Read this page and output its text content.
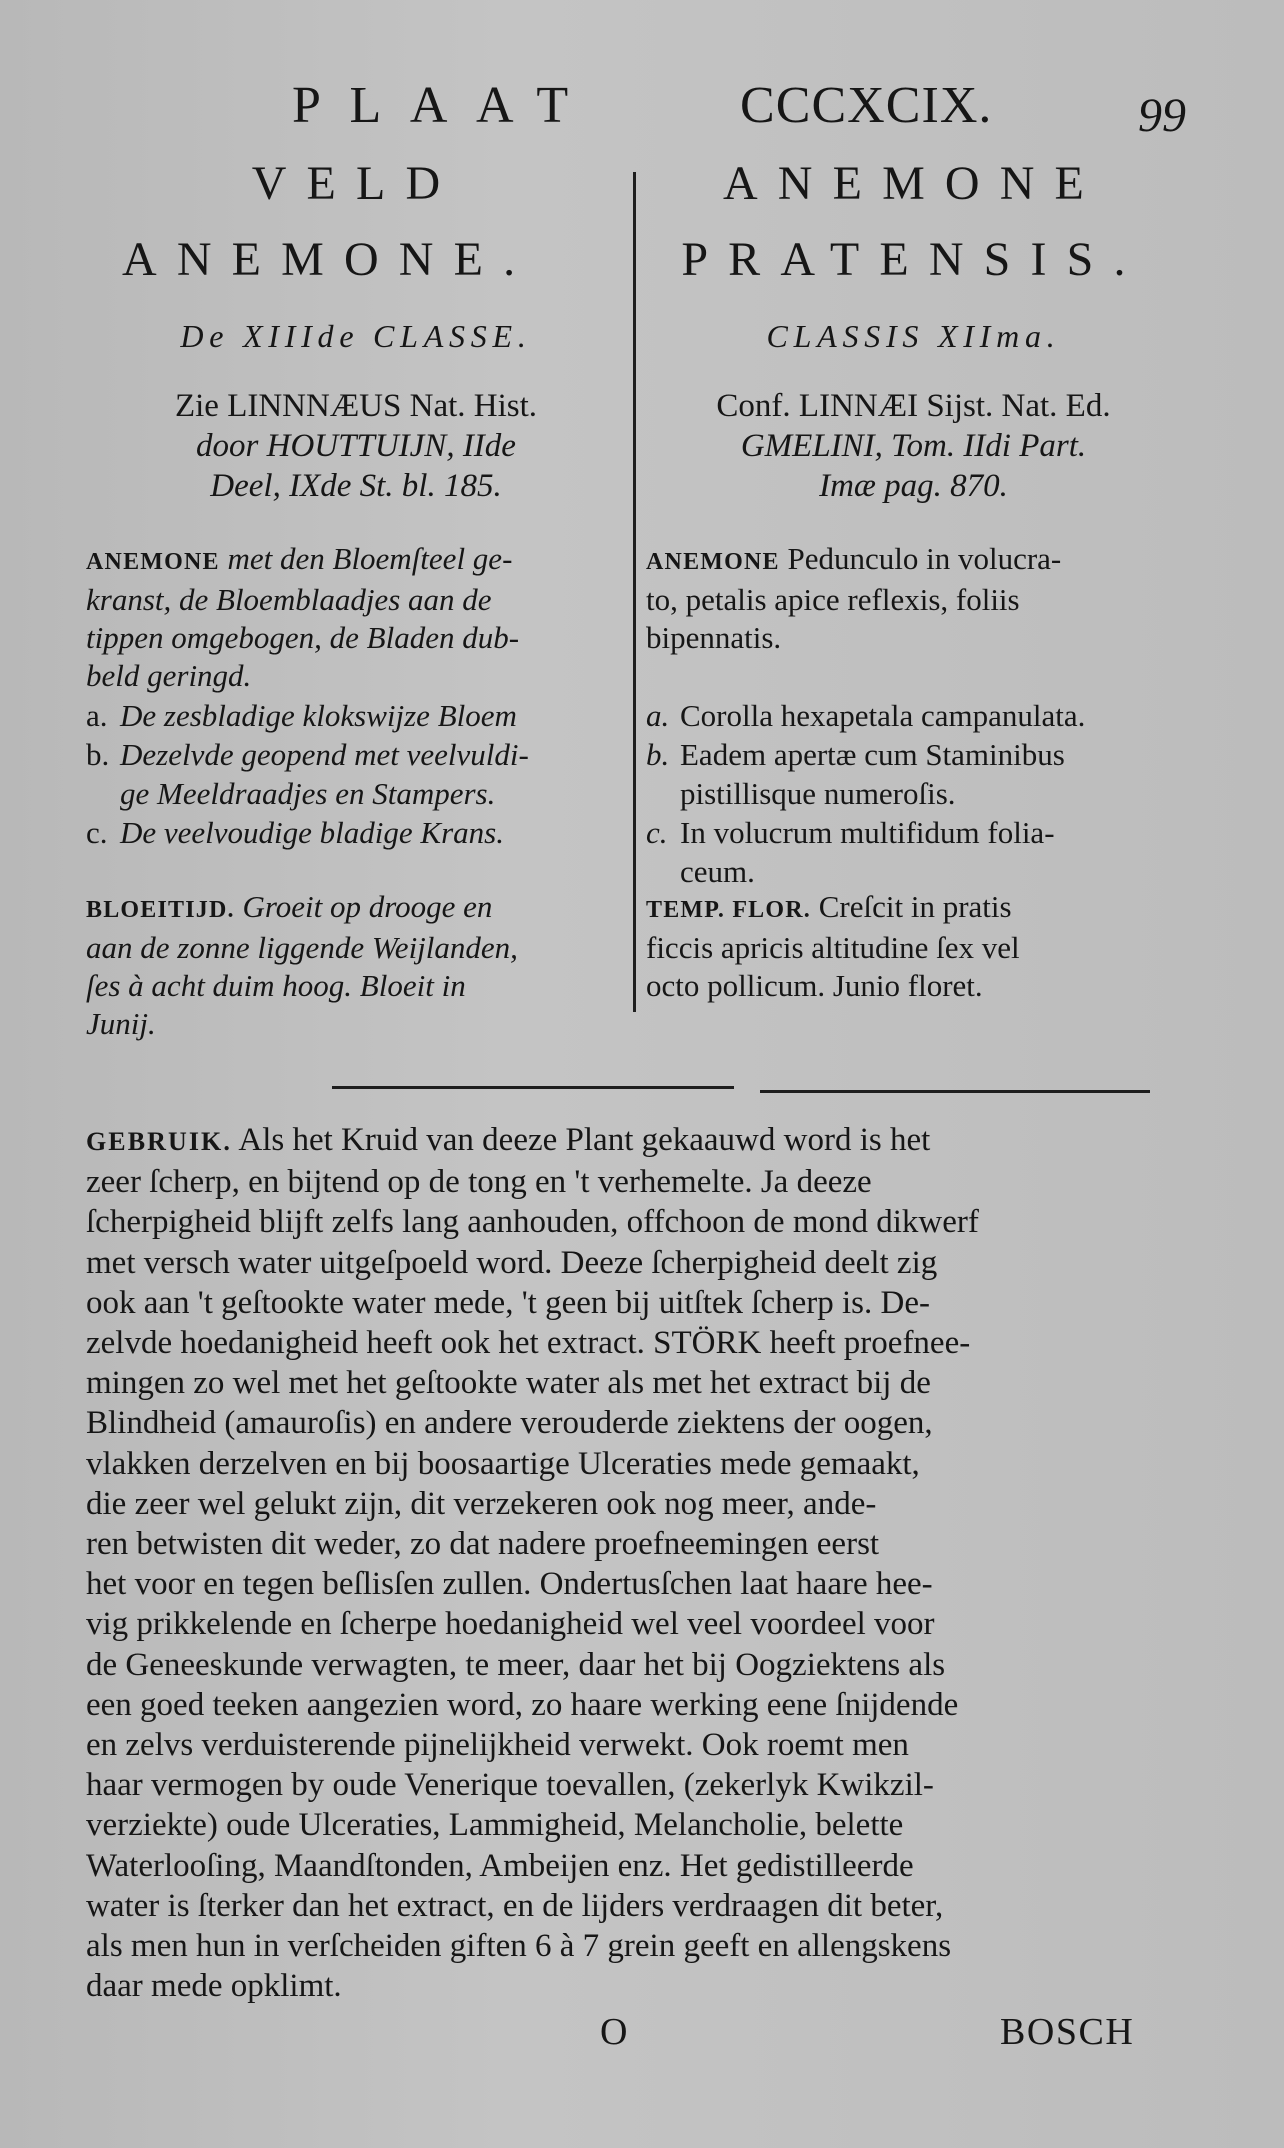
PLAAT	CCCXCIX.	99
VELD
ANEMONE.
De XIIIde CLASSE.
Zie LINNNÆUS Nat. Hist.
door HOUTTUIJN, IIde
Deel, IXde St. bl. 185.
ANEMONE met den Bloemſteel ge-
kranst, de Bloemblaadjes aan de
tippen omgebogen, de Bladen dub-
beld geringd.
a. De zesbladige klokswijze Bloem
b. Dezelvde geopend met veelvuldi-
ge Meeldraadjes en Stampers.
c. De veelvoudige bladige Krans.
BLOEITIJD. Groeit op drooge en
aan de zonne liggende Weijlanden,
ſes à acht duim hoog. Bloeit in
Junij.
ANEMONE
PRATENSIS.
CLASSIS XIIma.
Conf. LINNÆI Sijst. Nat. Ed.
GMELINI, Tom. IIdi Part.
Imæ pag. 870.
ANEMONE Pedunculo in volucra-
to, petalis apice reflexis, foliis
bipennatis.
a. Corolla hexapetala campanulata.
b. Eadem apertæ cum Staminibus
pistillisque numeroſis.
c. In volucrum multifidum folia-
ceum.
TEMP. FLOR. Creſcit in pratis
ficcis apricis altitudine ſex vel
octo pollicum. Junio floret.
GEBRUIK. Als het Kruid van deeze Plant gekaauwd word is het
zeer ſcherp, en bijtend op de tong en 't verhemelte. Ja deeze
ſcherpigheid blijft zelfs lang aanhouden, offchoon de mond dikwerf
met versch water uitgeſpoeld word. Deeze ſcherpigheid deelt zig
ook aan 't geſtookte water mede, 't geen bij uitſtek ſcherp is. De-
zelvde hoedanigheid heeft ook het extract. STÖRK heeft proefnee-
mingen zo wel met het geſtookte water als met het extract bij de
Blindheid (amauroſis) en andere verouderde ziektens der oogen,
vlakken derzelven en bij boosaartige Ulceraties mede gemaakt,
die zeer wel gelukt zijn, dit verzekeren ook nog meer, ande-
ren betwisten dit weder, zo dat nadere proefneemingen eerst
het voor en tegen beſlisſen zullen. Ondertusſchen laat haare hee-
vig prikkelende en ſcherpe hoedanigheid wel veel voordeel voor
de Geneeskunde verwagten, te meer, daar het bij Oogziektens als
een goed teeken aangezien word, zo haare werking eene ſnijdende
en zelvs verduisterende pijnelijkheid verwekt. Ook roemt men
haar vermogen by oude Venerique toevallen, (zekerlyk Kwikzil-
verziekte) oude Ulceraties, Lammigheid, Melancholie, belette
Waterlooſing, Maandſtonden, Ambeijen enz. Het gedistilleerde
water is ſterker dan het extract, en de lijders verdraagen dit beter,
als men hun in verſcheiden giften 6 à 7 grein geeft en allengskens
daar mede opklimt.
O	BOSCH
